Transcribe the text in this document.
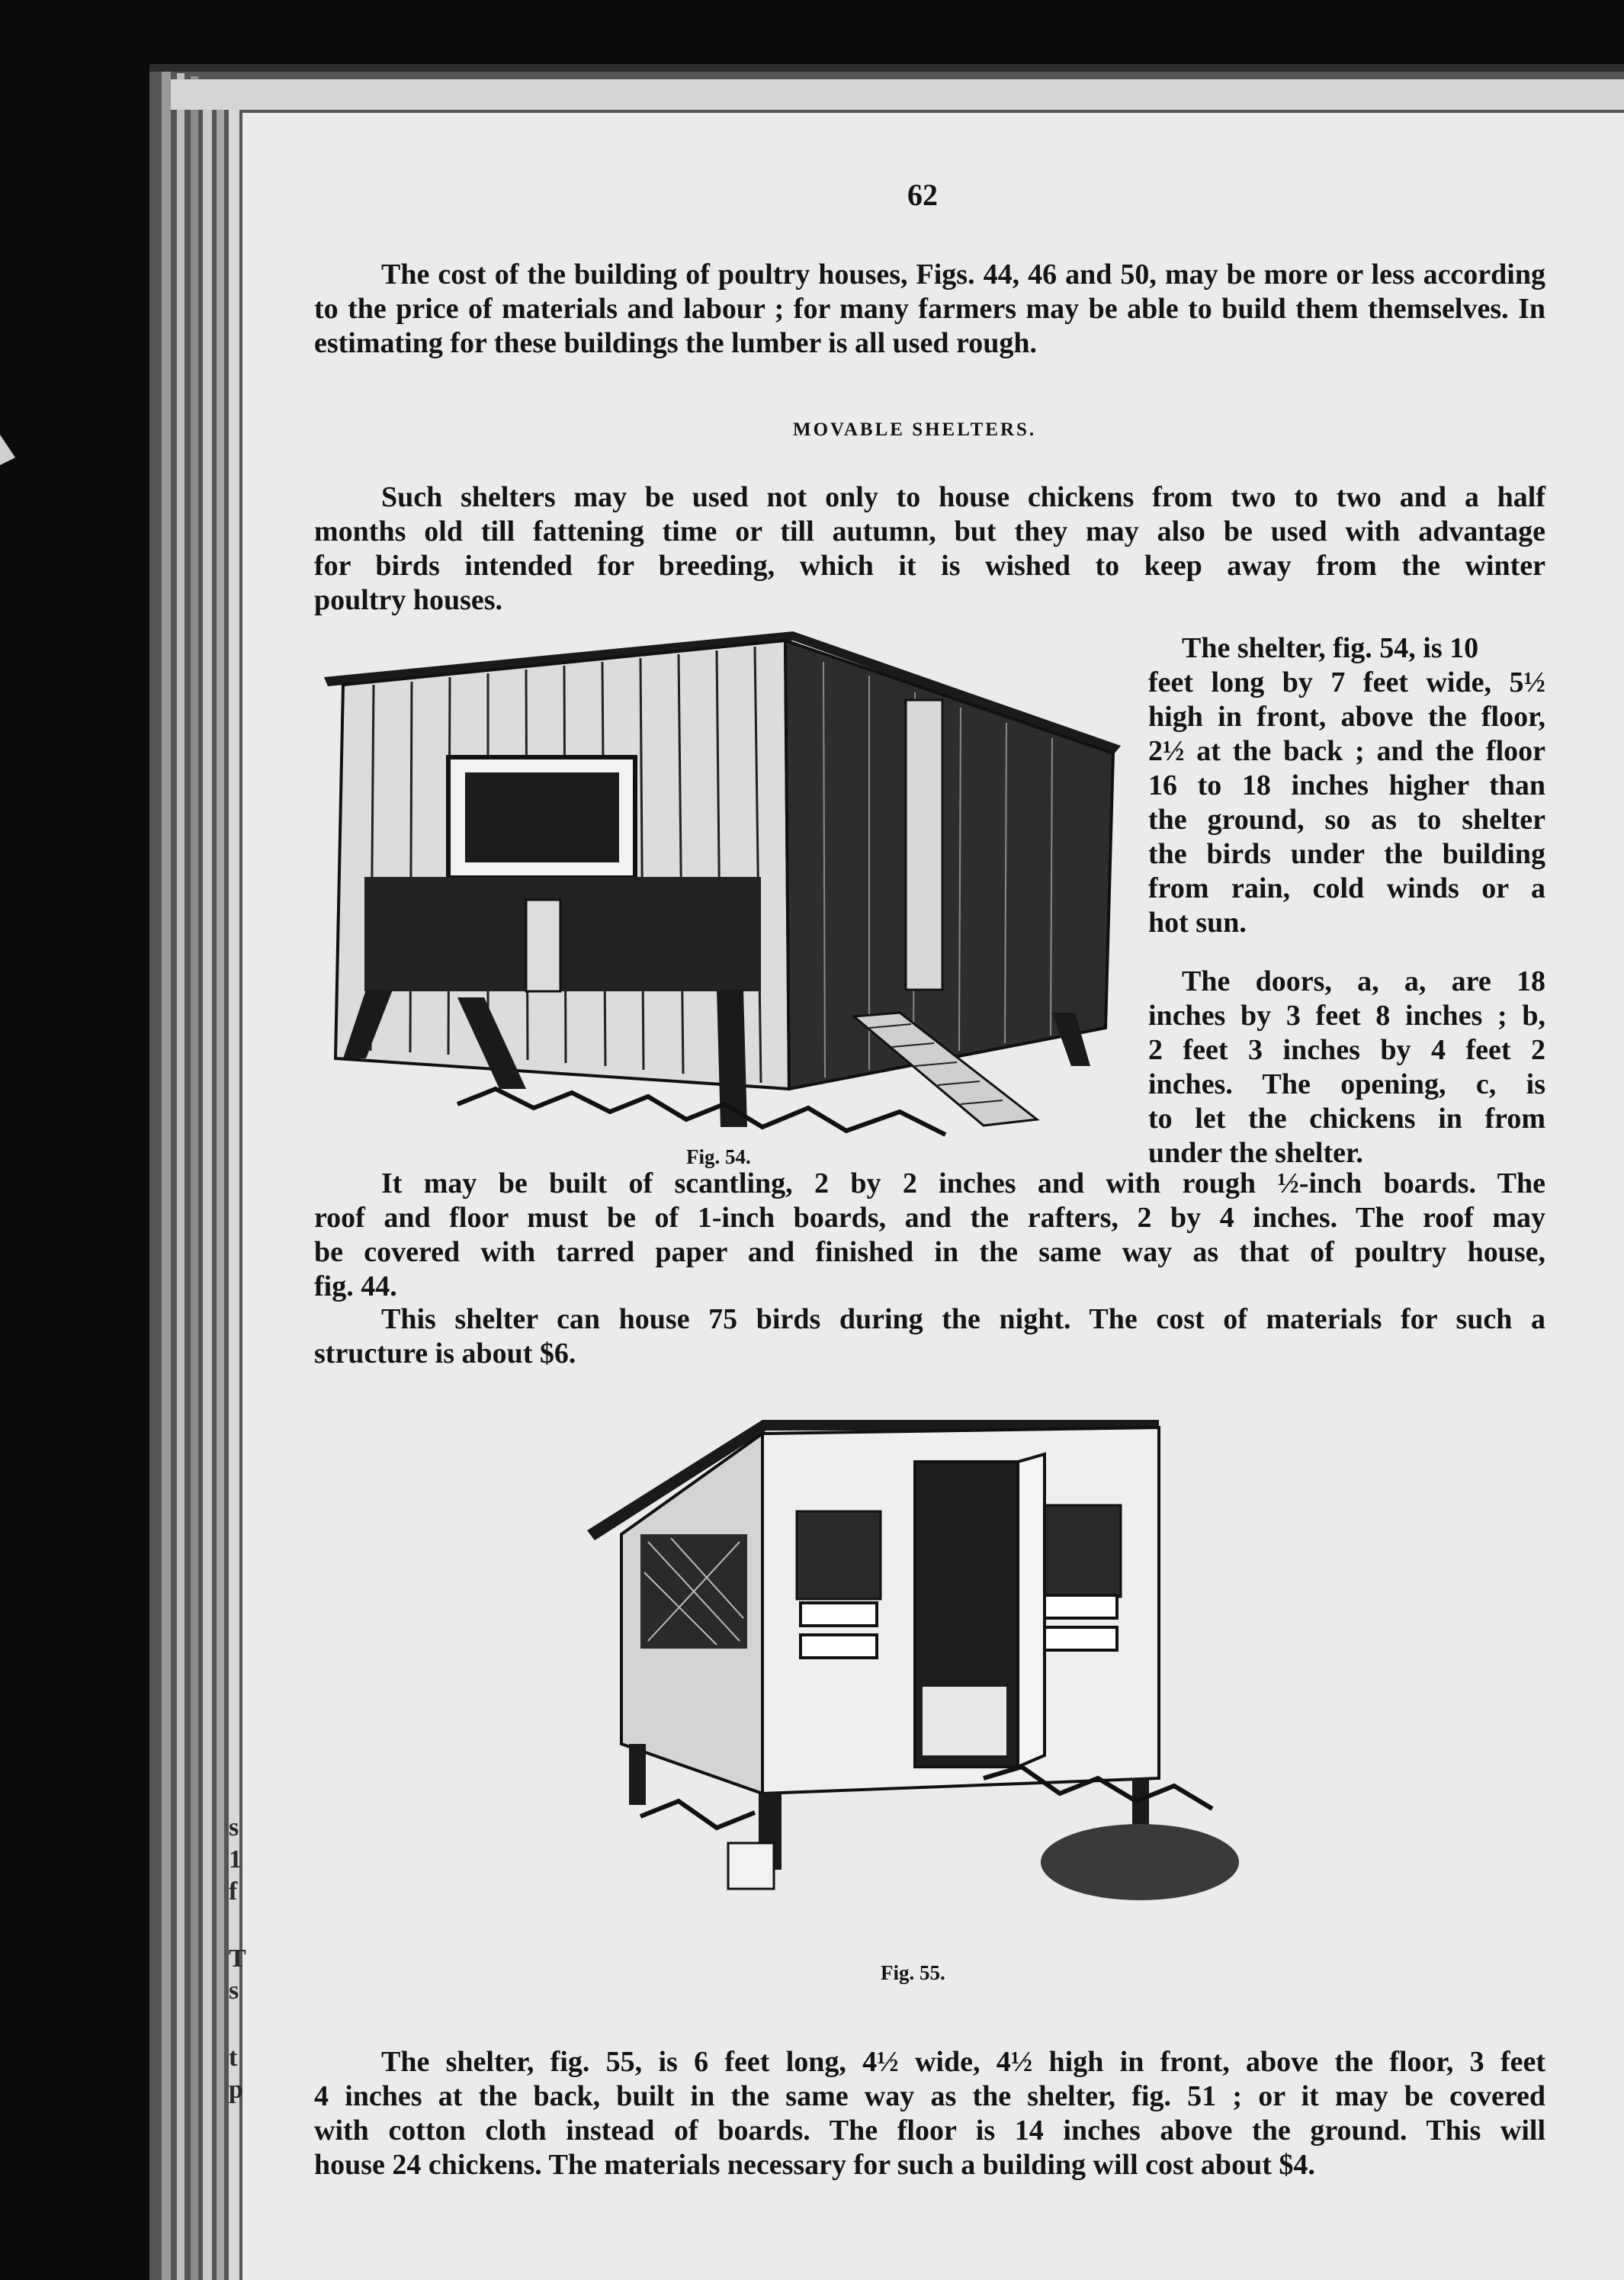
s
1
f
T
s
t
p
62

The cost of the building of poultry houses, Figs. 44, 46 and 50, may be more or less according to the price of materials and labour ; for many farmers may be able to build them themselves. In estimating for these buildings the lumber is all used rough.

MOVABLE SHELTERS.
Such shelters may be used not only to house chickens from two to two and a half
months old till fattening time or till autumn, but they may also be used with advantage
for birds intended for breeding, which it is wished to keep away from the winter
poultry houses.
Fig. 54.
The shelter, fig. 54, is 10
feet long by 7 feet wide, 5½
high in front, above the floor,
2½ at the back ; and the floor
16 to 18 inches higher than
the ground, so as to shelter
the birds under the building
from rain, cold winds or a
hot sun.
The doors, a, a, are 18
inches by 3 feet 8 inches ; b,
2 feet 3 inches by 4 feet 2
inches. The opening, c, is
to let the chickens in from
under the shelter.
It may be built of scantling, 2 by 2 inches and with rough ½-inch boards. The
roof and floor must be of 1-inch boards, and the rafters, 2 by 4 inches. The roof may
be covered with tarred paper and finished in the same way as that of poultry house,
fig. 44.
This shelter can house 75 birds during the night. The cost of materials for such a
structure is about $6.
Fig. 55.
The shelter, fig. 55, is 6 feet long, 4½ wide, 4½ high in front, above the floor, 3 feet
4 inches at the back, built in the same way as the shelter, fig. 51 ; or it may be covered
with cotton cloth instead of boards. The floor is 14 inches above the ground. This will
house 24 chickens. The materials necessary for such a building will cost about $4.
